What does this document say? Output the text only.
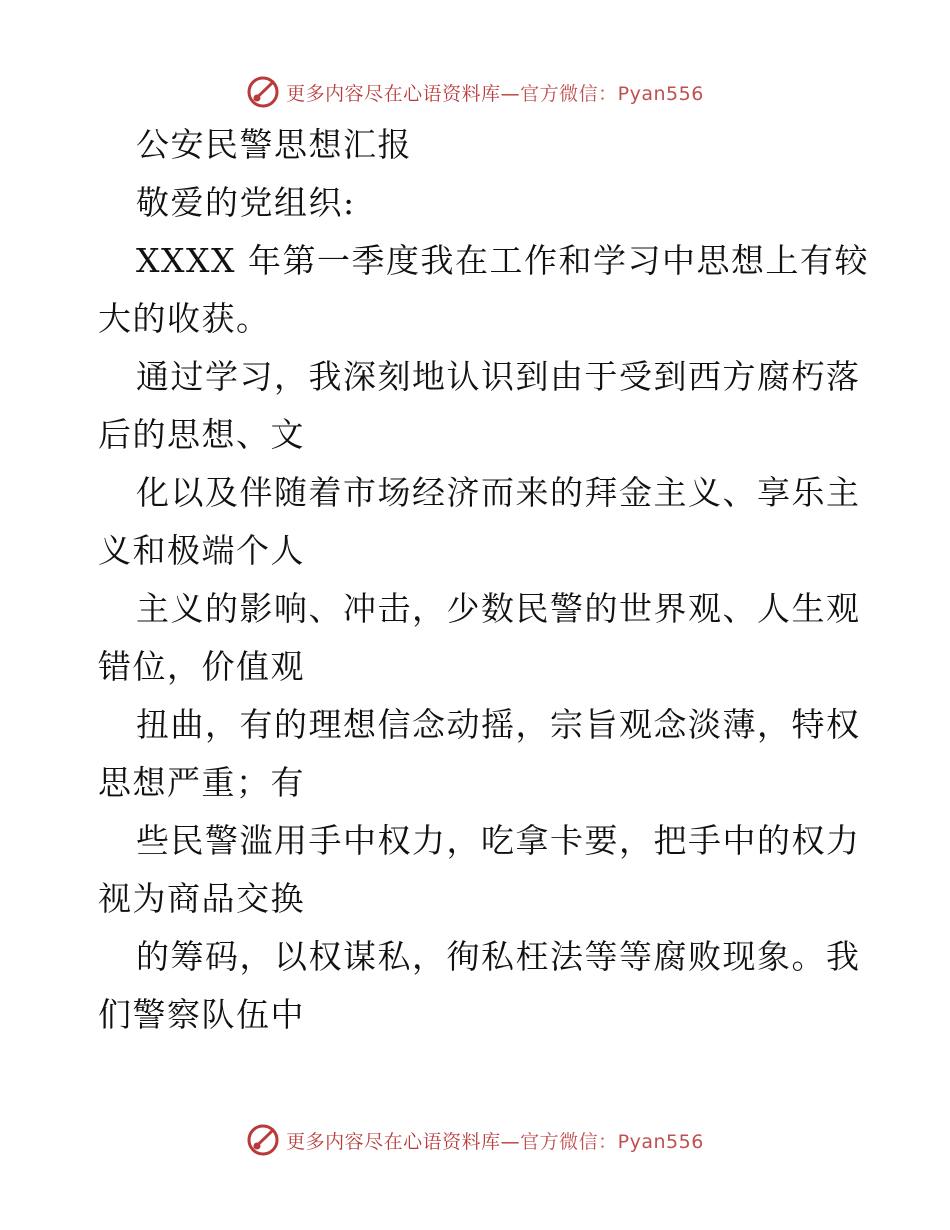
更多内容尽在心语资料库—官方微信：Pyan556
公安民警思想汇报
敬爱的党组织:
XXXX 年第一季度我在工作和学习中思想上有较
大的收获。
通过学习，我深刻地认识到由于受到西方腐朽落
后的思想、文
化以及伴随着市场经济而来的拜金主义、享乐主
义和极端个人
主义的影响、冲击，少数民警的世界观、人生观
错位，价值观
扭曲，有的理想信念动摇，宗旨观念淡薄，特权
思想严重；有
些民警滥用手中权力，吃拿卡要，把手中的权力
视为商品交换
的筹码，以权谋私，徇私枉法等等腐败现象。我
们警察队伍中
更多内容尽在心语资料库—官方微信：Pyan556
